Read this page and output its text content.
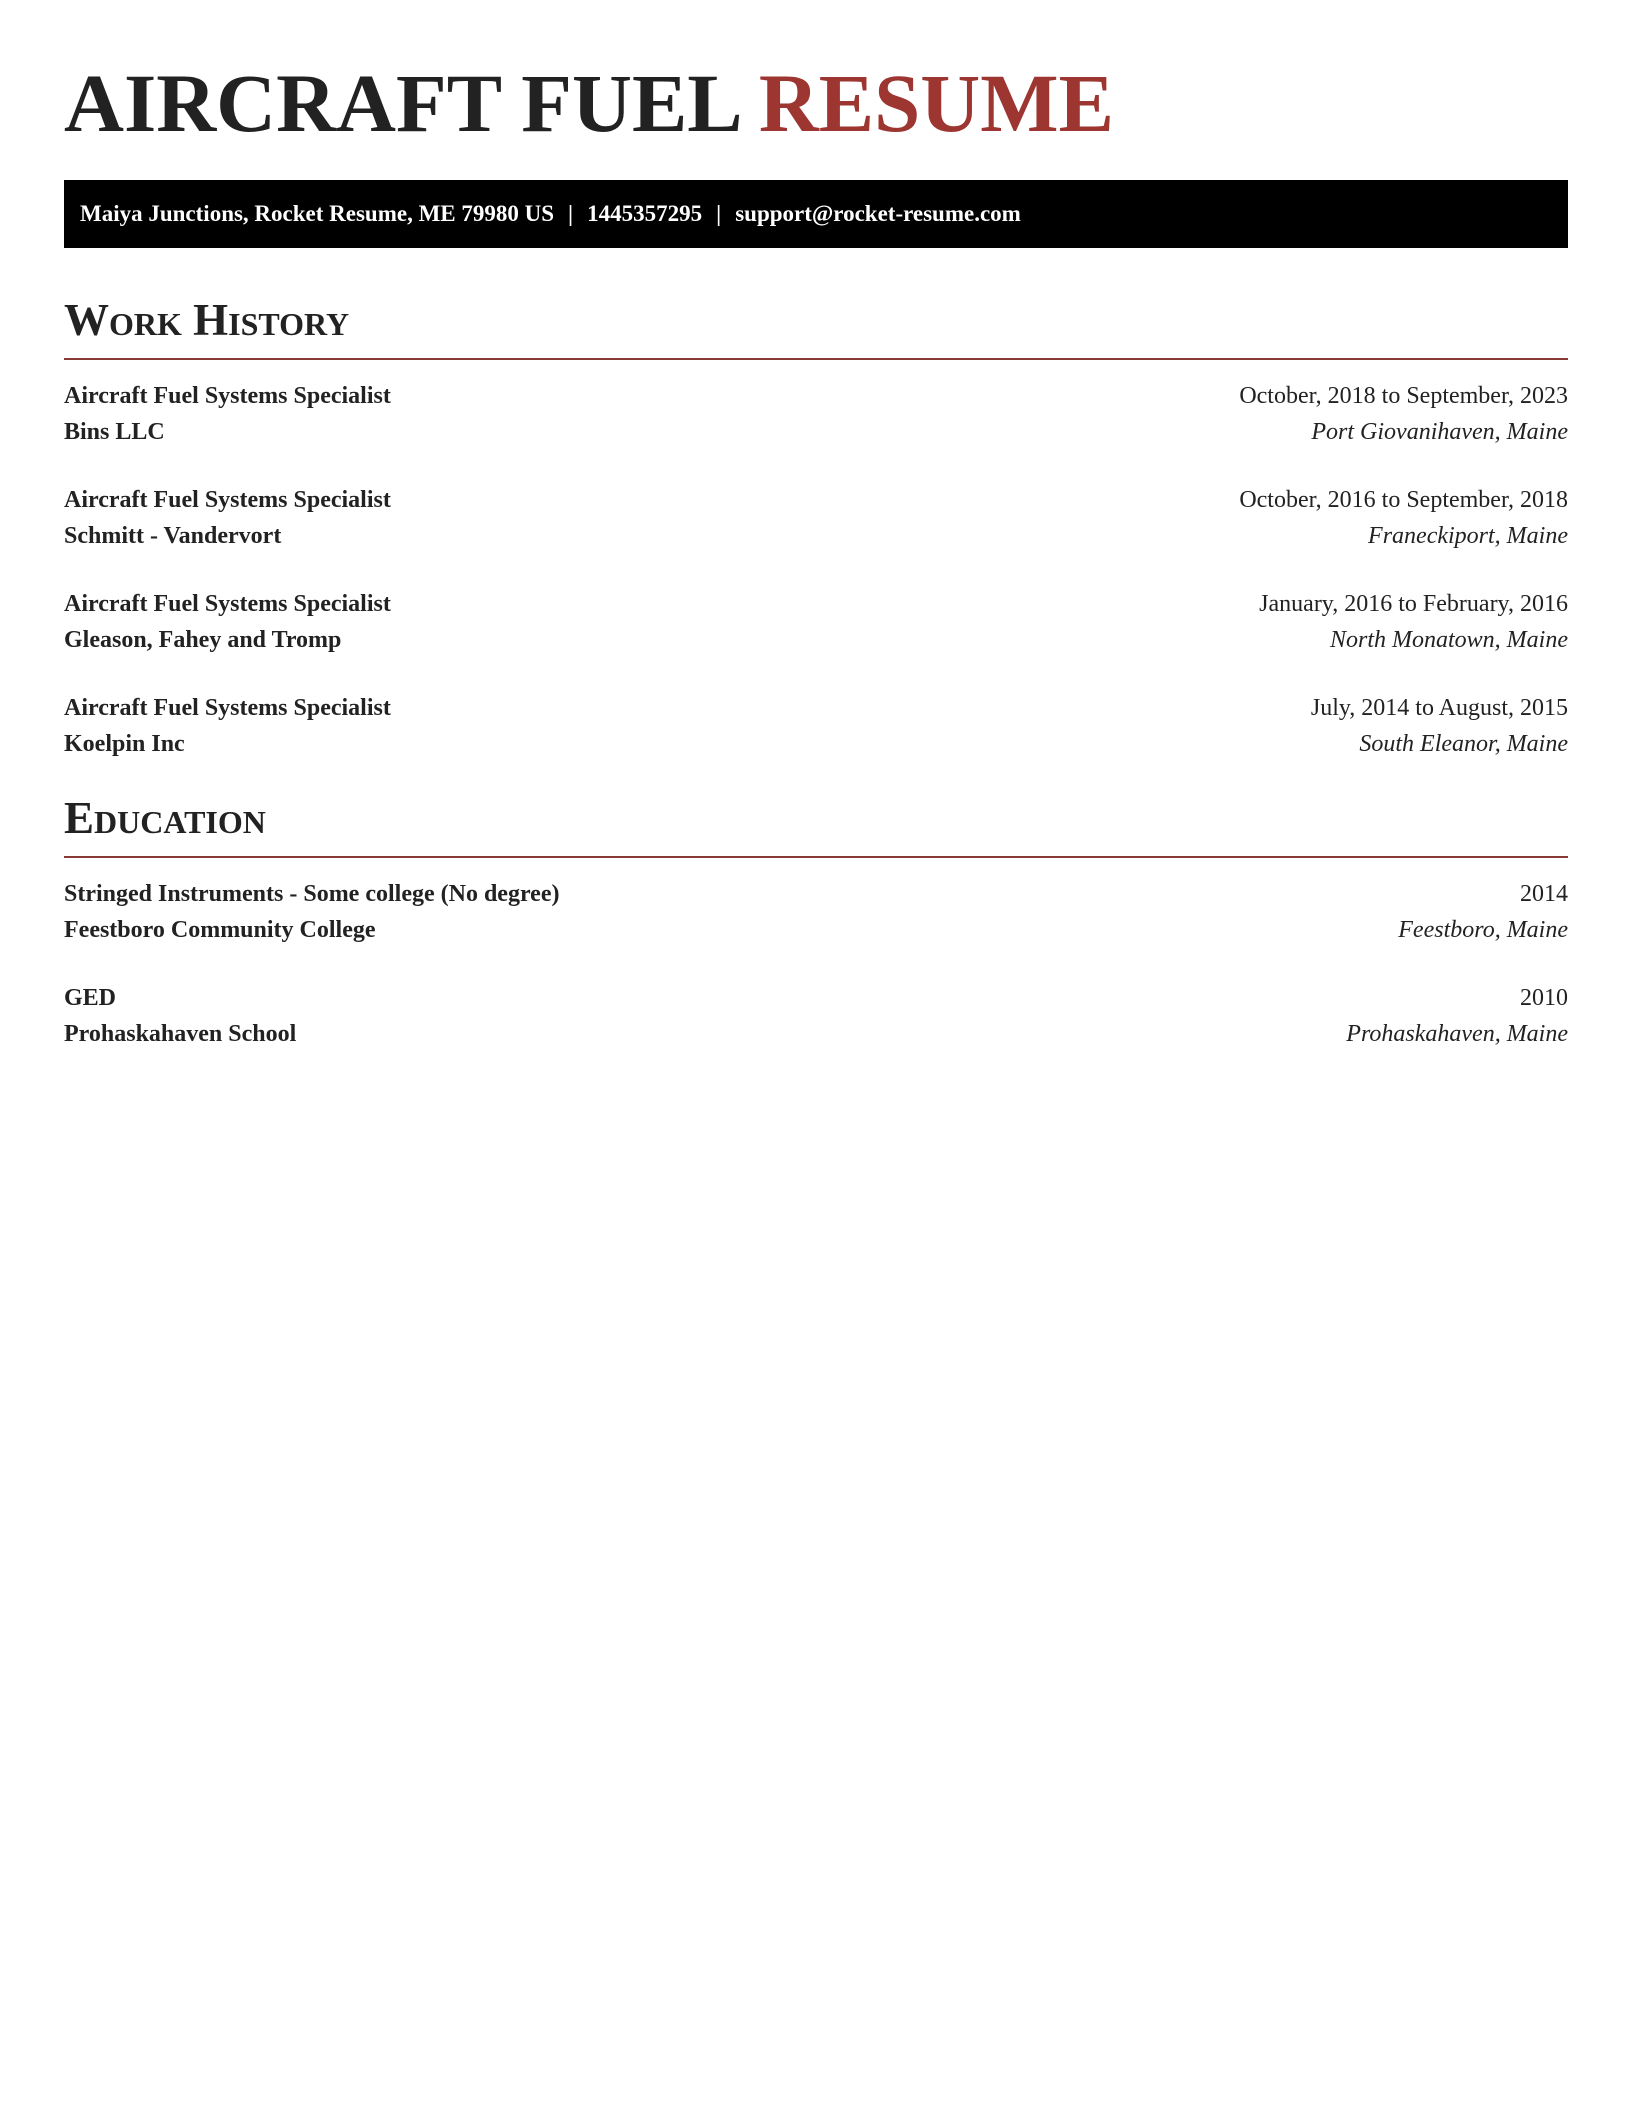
AIRCRAFT FUEL RESUME
Maiya Junctions, Rocket Resume, ME 79980 US | 1445357295 | support@rocket-resume.com
Work History
Aircraft Fuel Systems Specialist	October, 2018 to September, 2023
Bins LLC	Port Giovanihaven, Maine
Aircraft Fuel Systems Specialist	October, 2016 to September, 2018
Schmitt - Vandervort	Franeckiport, Maine
Aircraft Fuel Systems Specialist	January, 2016 to February, 2016
Gleason, Fahey and Tromp	North Monatown, Maine
Aircraft Fuel Systems Specialist	July, 2014 to August, 2015
Koelpin Inc	South Eleanor, Maine
Education
Stringed Instruments - Some college (No degree)	2014
Feestboro Community College	Feestboro, Maine
GED	2010
Prohaskahaven School	Prohaskahaven, Maine
